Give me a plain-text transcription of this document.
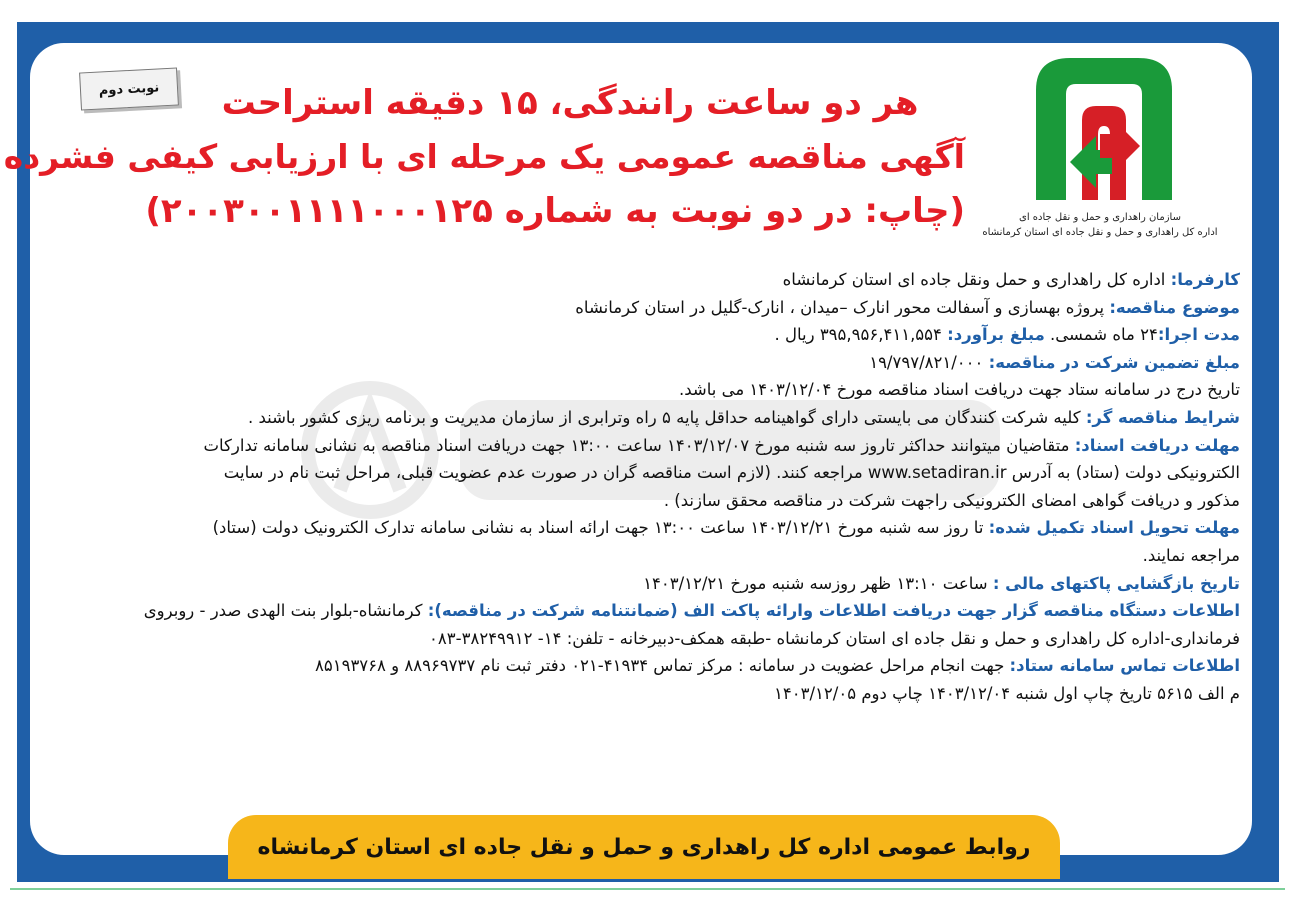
نوبت دوم	هر دو ساعت رانندگی، ۱۵ دقیقه استراحت
آگهی مناقصه عمومی یک مرحله ای با ارزیابی کیفی فشرده
(چاپ: در دو نوبت به شماره ۲۰۰۳۰۰۱۱۱۱۰۰۰۱۲۵)	سازمان راهداری و حمل و نقل جاده ای
اداره کل راهداری و حمل و نقل جاده ای استان کرمانشاه
کارفرما: اداره کل راهداری و حمل ونقل جاده ای استان کرمانشاه
موضوع مناقصه: پروژه بهسازی و آسفالت محور انارک –میدان ، انارک-گلیل در استان کرمانشاه
مدت اجرا:۲۴ ماه شمسی. مبلغ برآورد: ۳۹۵,۹۵۶,۴۱۱,۵۵۴ ریال .
مبلغ تضمین شرکت در مناقصه: ۱۹/۷۹۷/۸۲۱/۰۰۰
تاریخ درج در سامانه ستاد جهت دریافت اسناد مناقصه مورخ ۱۴۰۳/۱۲/۰۴ می باشد.
شرایط مناقصه گر: کلیه شرکت کنندگان می بایستی دارای گواهینامه حداقل پایه ۵ راه وترابری از سازمان مدیریت و برنامه ریزی کشور باشند .
مهلت دریافت اسناد: متقاضیان میتوانند حداکثر تاروز سه شنبه مورخ ۱۴۰۳/۱۲/۰۷ ساعت ۱۳:۰۰ جهت دریافت اسناد مناقصه به نشانی سامانه تدارکات
الکترونیکی دولت (ستاد) به آدرس www.setadiran.ir مراجعه کنند. (لازم است مناقصه گران در صورت عدم عضویت قبلی، مراحل ثبت نام در سایت
مذکور و دریافت گواهی امضای الکترونیکی راجهت شرکت در مناقصه محقق سازند) .
مهلت تحویل اسناد تکمیل شده: تا روز سه شنبه مورخ ۱۴۰۳/۱۲/۲۱ ساعت ۱۳:۰۰ جهت ارائه اسناد به نشانی سامانه تدارک الکترونیک دولت (ستاد)
مراجعه نمایند.
تاریخ بازگشایی پاکتهای مالی : ساعت ۱۳:۱۰ ظهر روزسه شنبه مورخ ۱۴۰۳/۱۲/۲۱
اطلاعات دستگاه مناقصه گزار جهت دریافت اطلاعات وارائه پاکت الف (ضمانتنامه شرکت در مناقصه): کرمانشاه-بلوار بنت الهدی صدر - روبروی
فرمانداری-اداره کل راهداری و حمل و نقل جاده ای استان کرمانشاه -طبقه همکف-دبیرخانه - تلفن: ۱۴- ۳۸۲۴۹۹۱۲-۰۸۳
اطلاعات تماس سامانه ستاد: جهت انجام مراحل عضویت در سامانه : مرکز تماس ۴۱۹۳۴-۰۲۱ دفتر ثبت نام ۸۸۹۶۹۷۳۷ و ۸۵۱۹۳۷۶۸
م الف ۵۶۱۵ تاریخ چاپ اول شنبه ۱۴۰۳/۱۲/۰۴ چاپ دوم ۱۴۰۳/۱۲/۰۵
روابط عمومی اداره کل راهداری و حمل و نقل جاده ای استان کرمانشاه
